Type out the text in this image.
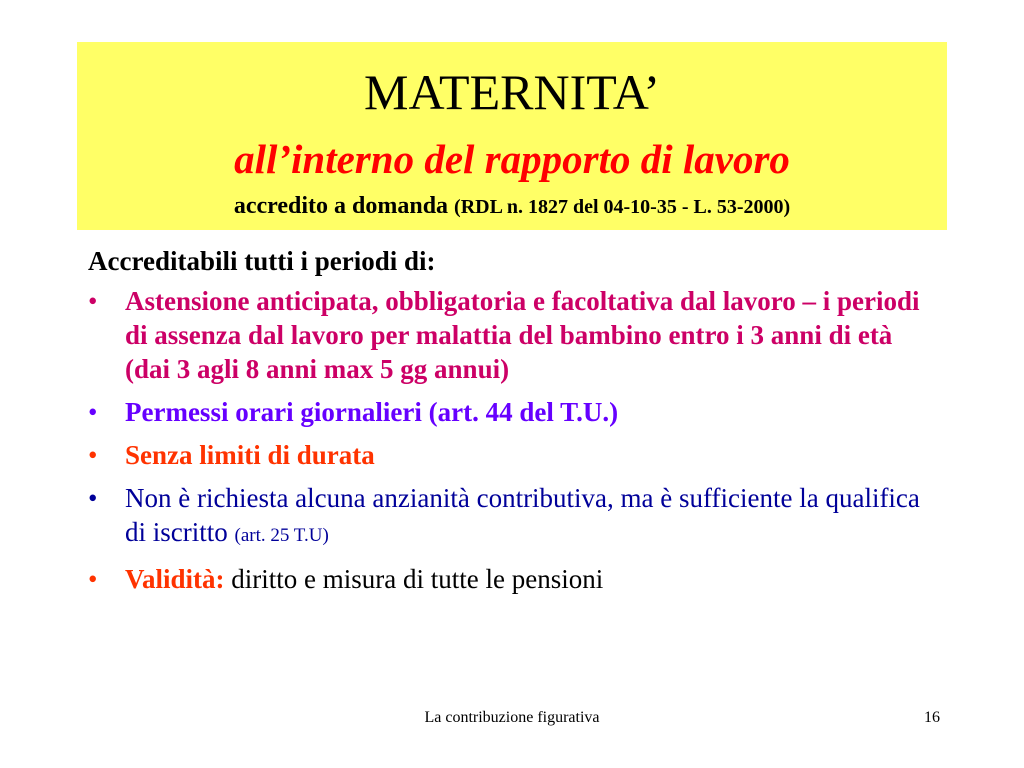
MATERNITA’
all’interno del rapporto di lavoro
accredito a domanda (RDL n. 1827 del 04-10-35 - L. 53-2000)
Accreditabili tutti i periodi di:
•	Astensione anticipata, obbligatoria e facoltativa dal lavoro – i periodi di assenza dal lavoro per malattia del bambino entro i 3 anni di età (dai 3 agli 8 anni max 5 gg annui)
•	Permessi orari giornalieri (art. 44 del T.U.)
•	Senza limiti di durata
•	Non è richiesta alcuna anzianità contributiva, ma è sufficiente la qualifica di iscritto (art. 25 T.U)
•	Validità: diritto e misura di tutte le pensioni
La contribuzione figurativa	16
